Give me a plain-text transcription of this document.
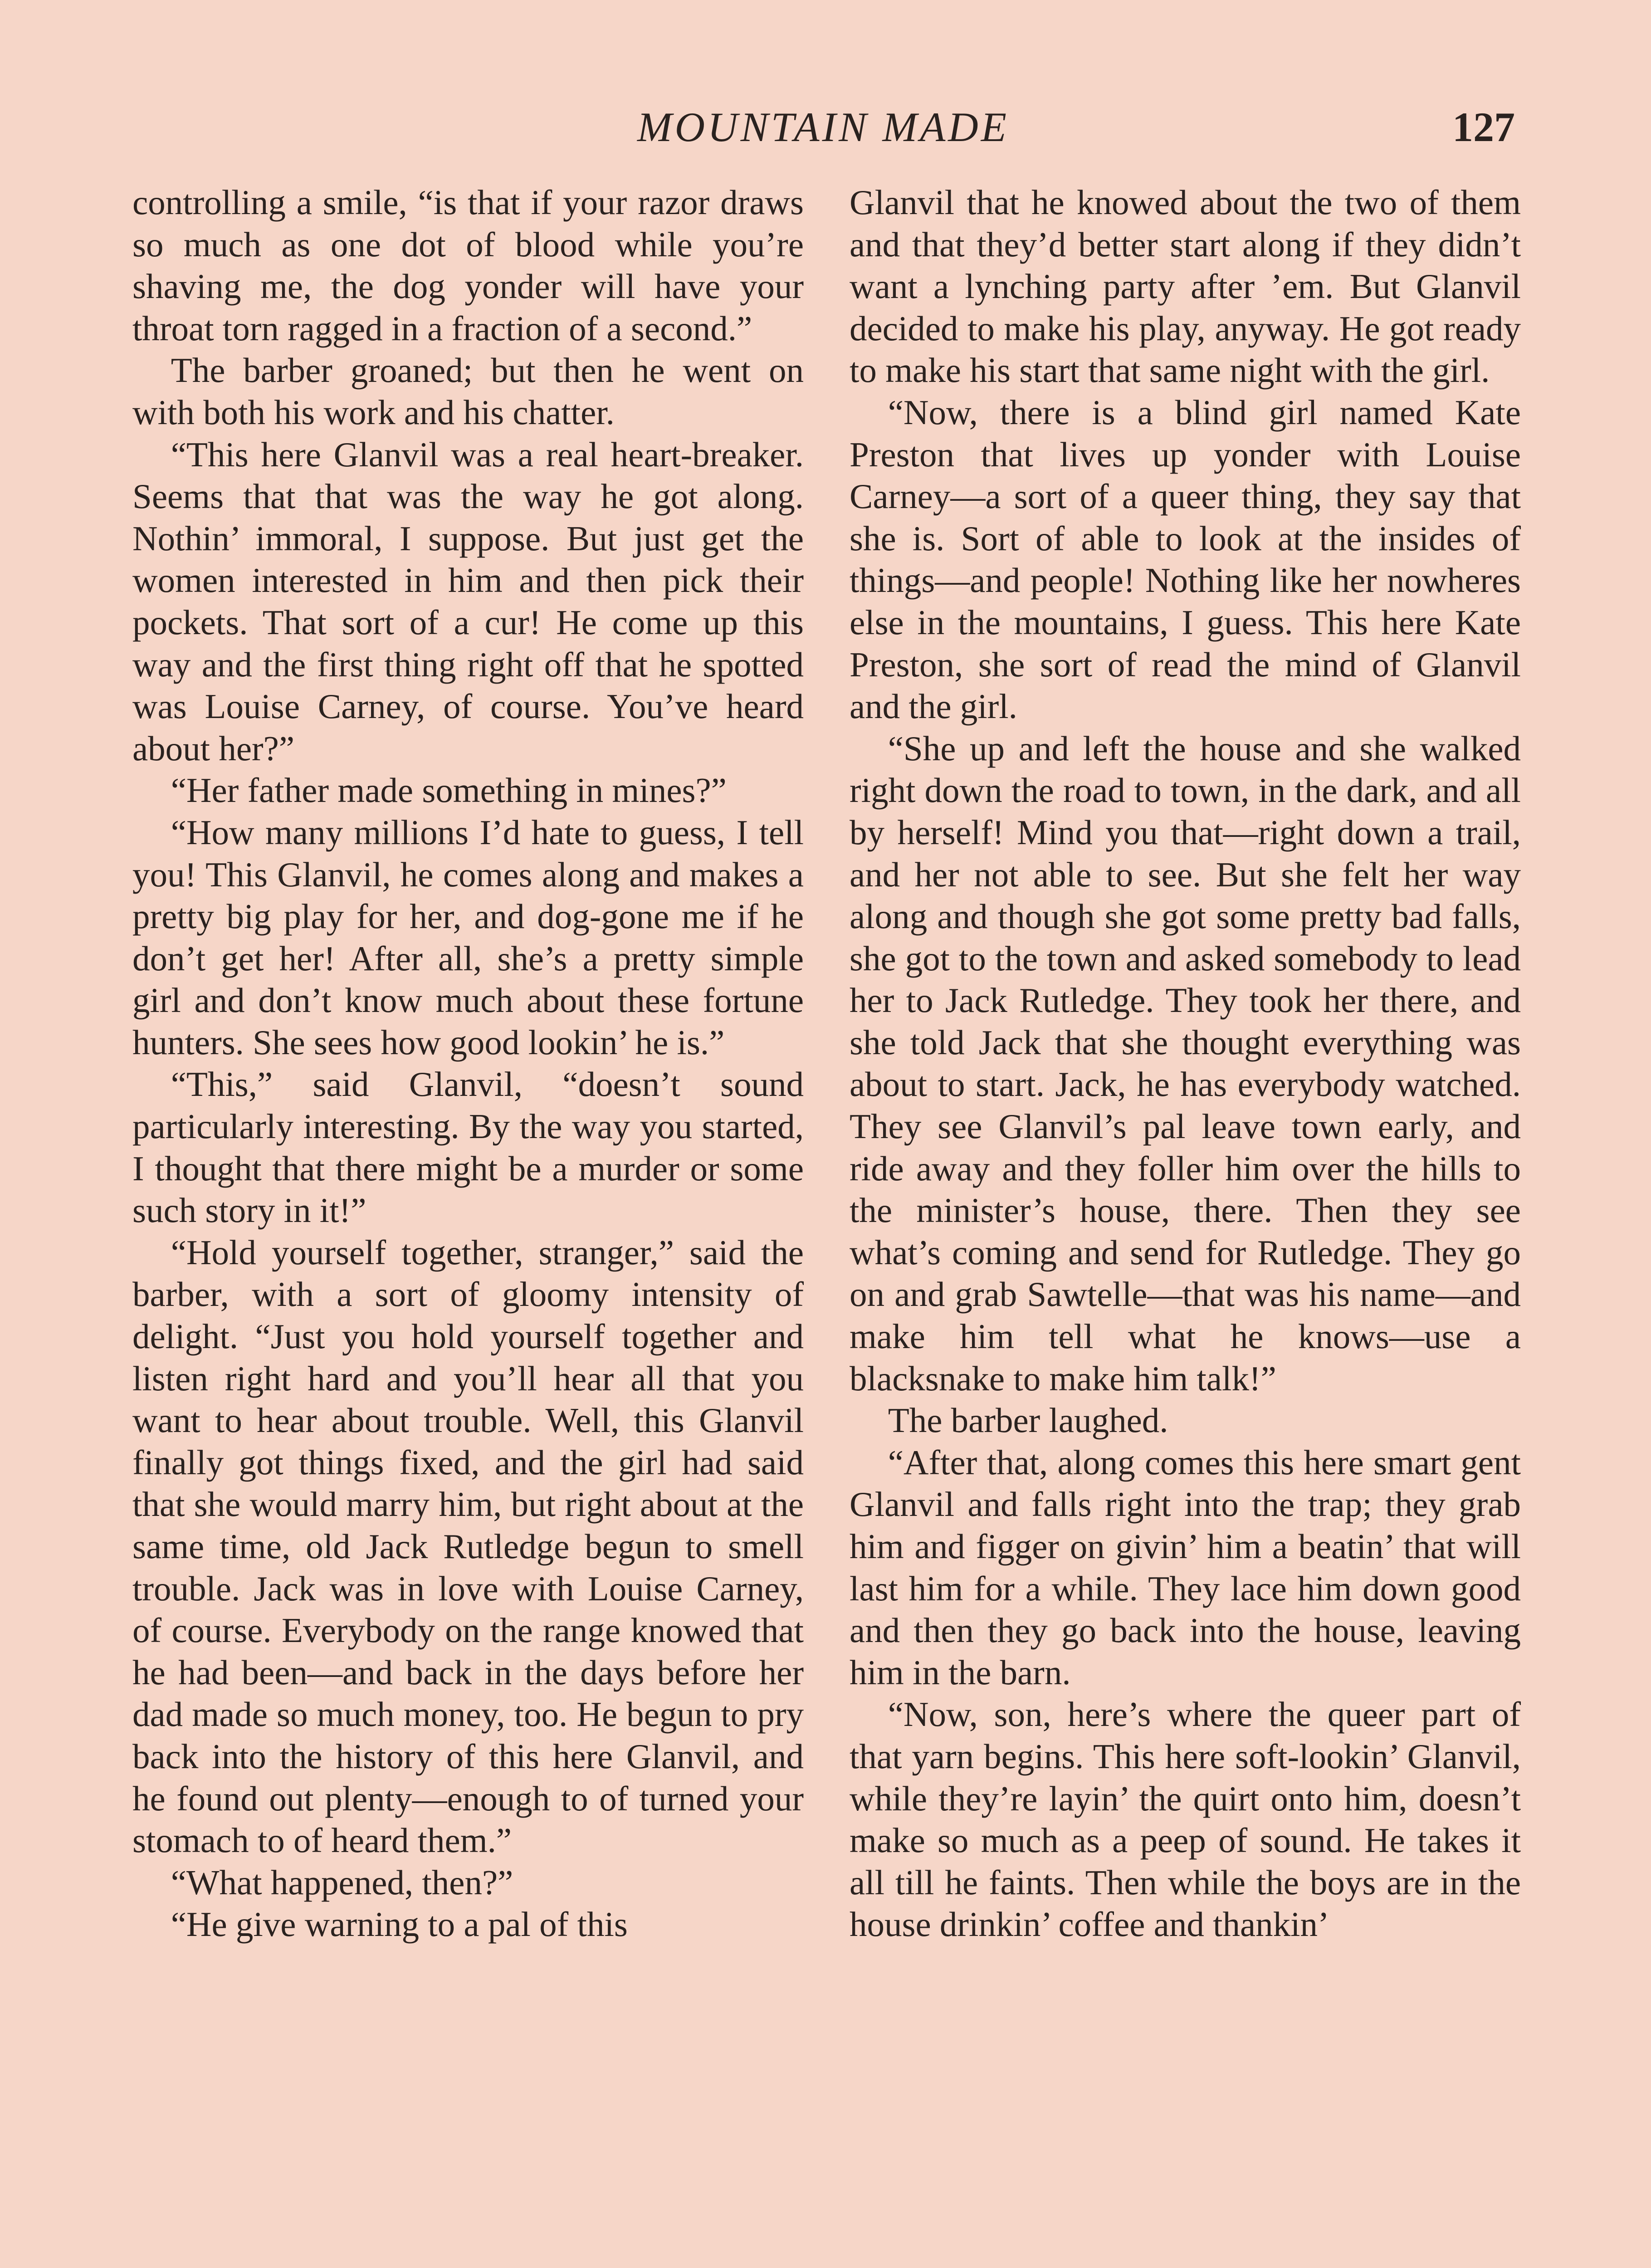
MOUNTAIN MADE	127

controlling a smile, “is that if your razor draws so much as one dot of blood while you’re shaving me, the dog yonder will have your throat torn ragged in a fraction of a second.”

The barber groaned; but then he went on with both his work and his chatter.

“This here Glanvil was a real heart-breaker. Seems that that was the way he got along. Nothin’ immoral, I suppose. But just get the women interested in him and then pick their pockets. That sort of a cur! He come up this way and the first thing right off that he spotted was Louise Carney, of course. You’ve heard about her?”

“Her father made something in mines?”

“How many millions I’d hate to guess, I tell you! This Glanvil, he comes along and makes a pretty big play for her, and dog-gone me if he don’t get her! After all, she’s a pretty simple girl and don’t know much about these fortune hunters. She sees how good lookin’ he is.”

“This,” said Glanvil, “doesn’t sound particularly interesting. By the way you started, I thought that there might be a murder or some such story in it!”

“Hold yourself together, stranger,” said the barber, with a sort of gloomy intensity of delight. “Just you hold yourself together and listen right hard and you’ll hear all that you want to hear about trouble. Well, this Glanvil finally got things fixed, and the girl had said that she would marry him, but right about at the same time, old Jack Rutledge begun to smell trouble. Jack was in love with Louise Carney, of course. Everybody on the range knowed that he had been—and back in the days before her dad made so much money, too. He begun to pry back into the history of this here Glanvil, and he found out plenty—enough to of turned your stomach to of heard them.”

“What happened, then?”

“He give warning to a pal of this

Glanvil that he knowed about the two of them and that they’d better start along if they didn’t want a lynching party after ’em. But Glanvil decided to make his play, anyway. He got ready to make his start that same night with the girl.

“Now, there is a blind girl named Kate Preston that lives up yonder with Louise Carney—a sort of a queer thing, they say that she is. Sort of able to look at the insides of things—and people! Nothing like her nowheres else in the mountains, I guess. This here Kate Preston, she sort of read the mind of Glanvil and the girl.

“She up and left the house and she walked right down the road to town, in the dark, and all by herself! Mind you that—right down a trail, and her not able to see. But she felt her way along and though she got some pretty bad falls, she got to the town and asked somebody to lead her to Jack Rutledge. They took her there, and she told Jack that she thought everything was about to start. Jack, he has everybody watched. They see Glanvil’s pal leave town early, and ride away and they foller him over the hills to the minister’s house, there. Then they see what’s coming and send for Rutledge. They go on and grab Sawtelle—that was his name—and make him tell what he knows—use a blacksnake to make him talk!”

The barber laughed.

“After that, along comes this here smart gent Glanvil and falls right into the trap; they grab him and figger on givin’ him a beatin’ that will last him for a while. They lace him down good and then they go back into the house, leaving him in the barn.

“Now, son, here’s where the queer part of that yarn begins. This here soft-lookin’ Glanvil, while they’re layin’ the quirt onto him, doesn’t make so much as a peep of sound. He takes it all till he faints. Then while the boys are in the house drinkin’ coffee and thankin’
